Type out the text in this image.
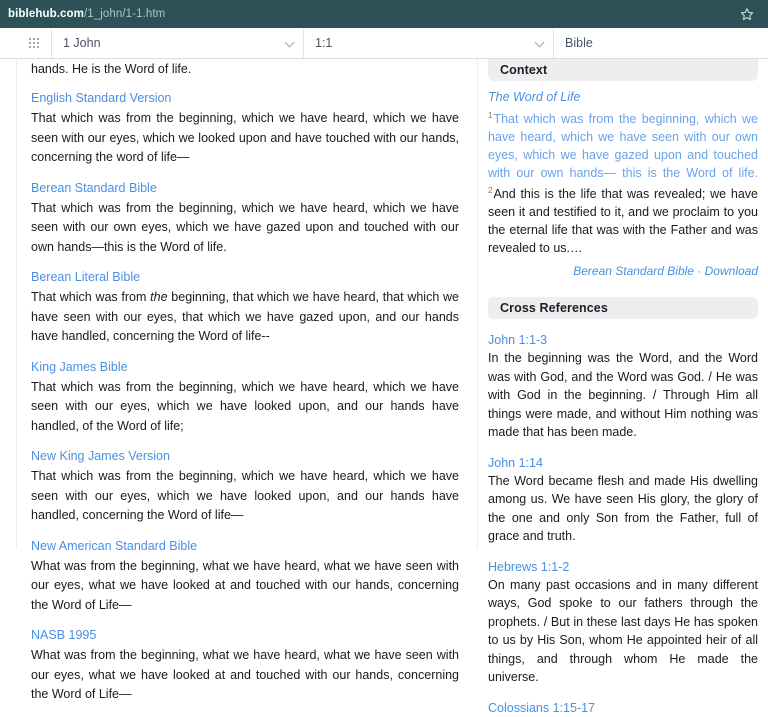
biblehub.com/1_john/1-1.htm
1 John	1:1	Bible
hands. He is the Word of life.
English Standard Version
That which was from the beginning, which we have heard, which we have seen with our eyes, which we looked upon and have touched with our hands, concerning the word of life—
Berean Standard Bible
That which was from the beginning, which we have heard, which we have seen with our own eyes, which we have gazed upon and touched with our own hands—this is the Word of life.
Berean Literal Bible
That which was from the beginning, that which we have heard, that which we have seen with our eyes, that which we have gazed upon, and our hands have handled, concerning the Word of life--
King James Bible
That which was from the beginning, which we have heard, which we have seen with our eyes, which we have looked upon, and our hands have handled, of the Word of life;
New King James Version
That which was from the beginning, which we have heard, which we have seen with our eyes, which we have looked upon, and our hands have handled, concerning the Word of life—
New American Standard Bible
What was from the beginning, what we have heard, what we have seen with our eyes, what we have looked at and touched with our hands, concerning the Word of Life—
NASB 1995
What was from the beginning, what we have heard, what we have seen with our eyes, what we have looked at and touched with our hands, concerning the Word of Life—
Context
The Word of Life
$^1$That which was from the beginning, which we have heard, which we have seen with our own eyes, which we have gazed upon and touched with our own hands— this is the Word of life. $^2$And this is the life that was revealed; we have seen it and testified to it, and we proclaim to you the eternal life that was with the Father and was revealed to us.…
Berean Standard Bible · Download
Cross References
John 1:1-3
In the beginning was the Word, and the Word was with God, and the Word was God. / He was with God in the beginning. / Through Him all things were made, and without Him nothing was made that has been made.
John 1:14
The Word became flesh and made His dwelling among us. We have seen His glory, the glory of the one and only Son from the Father, full of grace and truth.
Hebrews 1:1-2
On many past occasions and in many different ways, God spoke to our fathers through the prophets. / But in these last days He has spoken to us by His Son, whom He appointed heir of all things, and through whom He made the universe.
Colossians 1:15-17
